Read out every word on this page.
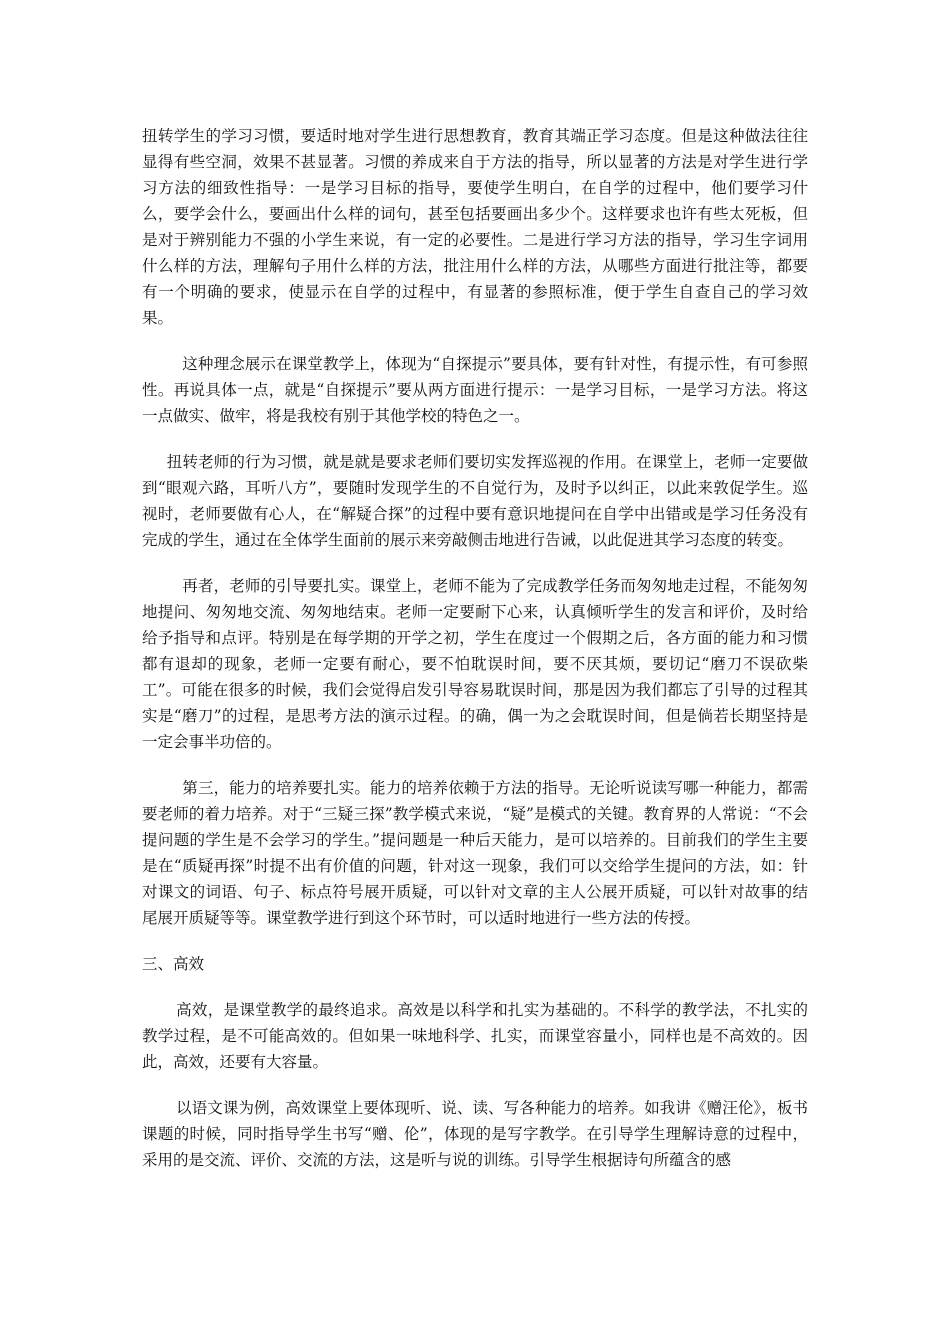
扭转学生的学习习惯，要适时地对学生进行思想教育，教育其端正学习态度。但是这种做法往往显得有些空洞，效果不甚显著。习惯的养成来自于方法的指导，所以显著的方法是对学生进行学习方法的细致性指导：一是学习目标的指导，要使学生明白，在自学的过程中，他们要学习什么，要学会什么，要画出什么样的词句，甚至包括要画出多少个。这样要求也许有些太死板，但是对于辨别能力不强的小学生来说，有一定的必要性。二是进行学习方法的指导，学习生字词用什么样的方法，理解句子用什么样的方法，批注用什么样的方法，从哪些方面进行批注等，都要有一个明确的要求，使显示在自学的过程中，有显著的参照标准，便于学生自查自己的学习效果。

这种理念展示在课堂教学上，体现为“自探提示”要具体，要有针对性，有提示性，有可参照性。再说具体一点，就是“自探提示”要从两方面进行提示：一是学习目标，一是学习方法。将这一点做实、做牢，将是我校有别于其他学校的特色之一。

扭转老师的行为习惯，就是就是要求老师们要切实发挥巡视的作用。在课堂上，老师一定要做到“眼观六路，耳听八方”，要随时发现学生的不自觉行为，及时予以纠正，以此来敦促学生。巡视时，老师要做有心人，在“解疑合探”的过程中要有意识地提问在自学中出错或是学习任务没有完成的学生，通过在全体学生面前的展示来旁敲侧击地进行告诫，以此促进其学习态度的转变。

再者，老师的引导要扎实。课堂上，老师不能为了完成教学任务而匆匆地走过程，不能匆匆地提问、匆匆地交流、匆匆地结束。老师一定要耐下心来，认真倾听学生的发言和评价，及时给给予指导和点评。特别是在每学期的开学之初，学生在度过一个假期之后，各方面的能力和习惯都有退却的现象，老师一定要有耐心，要不怕耽误时间，要不厌其烦，要切记“磨刀不误砍柴工”。可能在很多的时候，我们会觉得启发引导容易耽误时间，那是因为我们都忘了引导的过程其实是“磨刀”的过程，是思考方法的演示过程。的确，偶一为之会耽误时间，但是倘若长期坚持是一定会事半功倍的。

第三，能力的培养要扎实。能力的培养依赖于方法的指导。无论听说读写哪一种能力，都需要老师的着力培养。对于“三疑三探”教学模式来说，“疑”是模式的关键。教育界的人常说：“不会提问题的学生是不会学习的学生。”提问题是一种后天能力，是可以培养的。目前我们的学生主要是在“质疑再探”时提不出有价值的问题，针对这一现象，我们可以交给学生提问的方法，如：针对课文的词语、句子、标点符号展开质疑，可以针对文章的主人公展开质疑，可以针对故事的结尾展开质疑等等。课堂教学进行到这个环节时，可以适时地进行一些方法的传授。

三、高效

高效，是课堂教学的最终追求。高效是以科学和扎实为基础的。不科学的教学法，不扎实的教学过程，是不可能高效的。但如果一味地科学、扎实，而课堂容量小，同样也是不高效的。因此，高效，还要有大容量。

以语文课为例，高效课堂上要体现听、说、读、写各种能力的培养。如我讲《赠汪伦》，板书课题的时候，同时指导学生书写“赠、伦”，体现的是写字教学。在引导学生理解诗意的过程中，采用的是交流、评价、交流的方法，这是听与说的训练。引导学生根据诗句所蕴含的感
